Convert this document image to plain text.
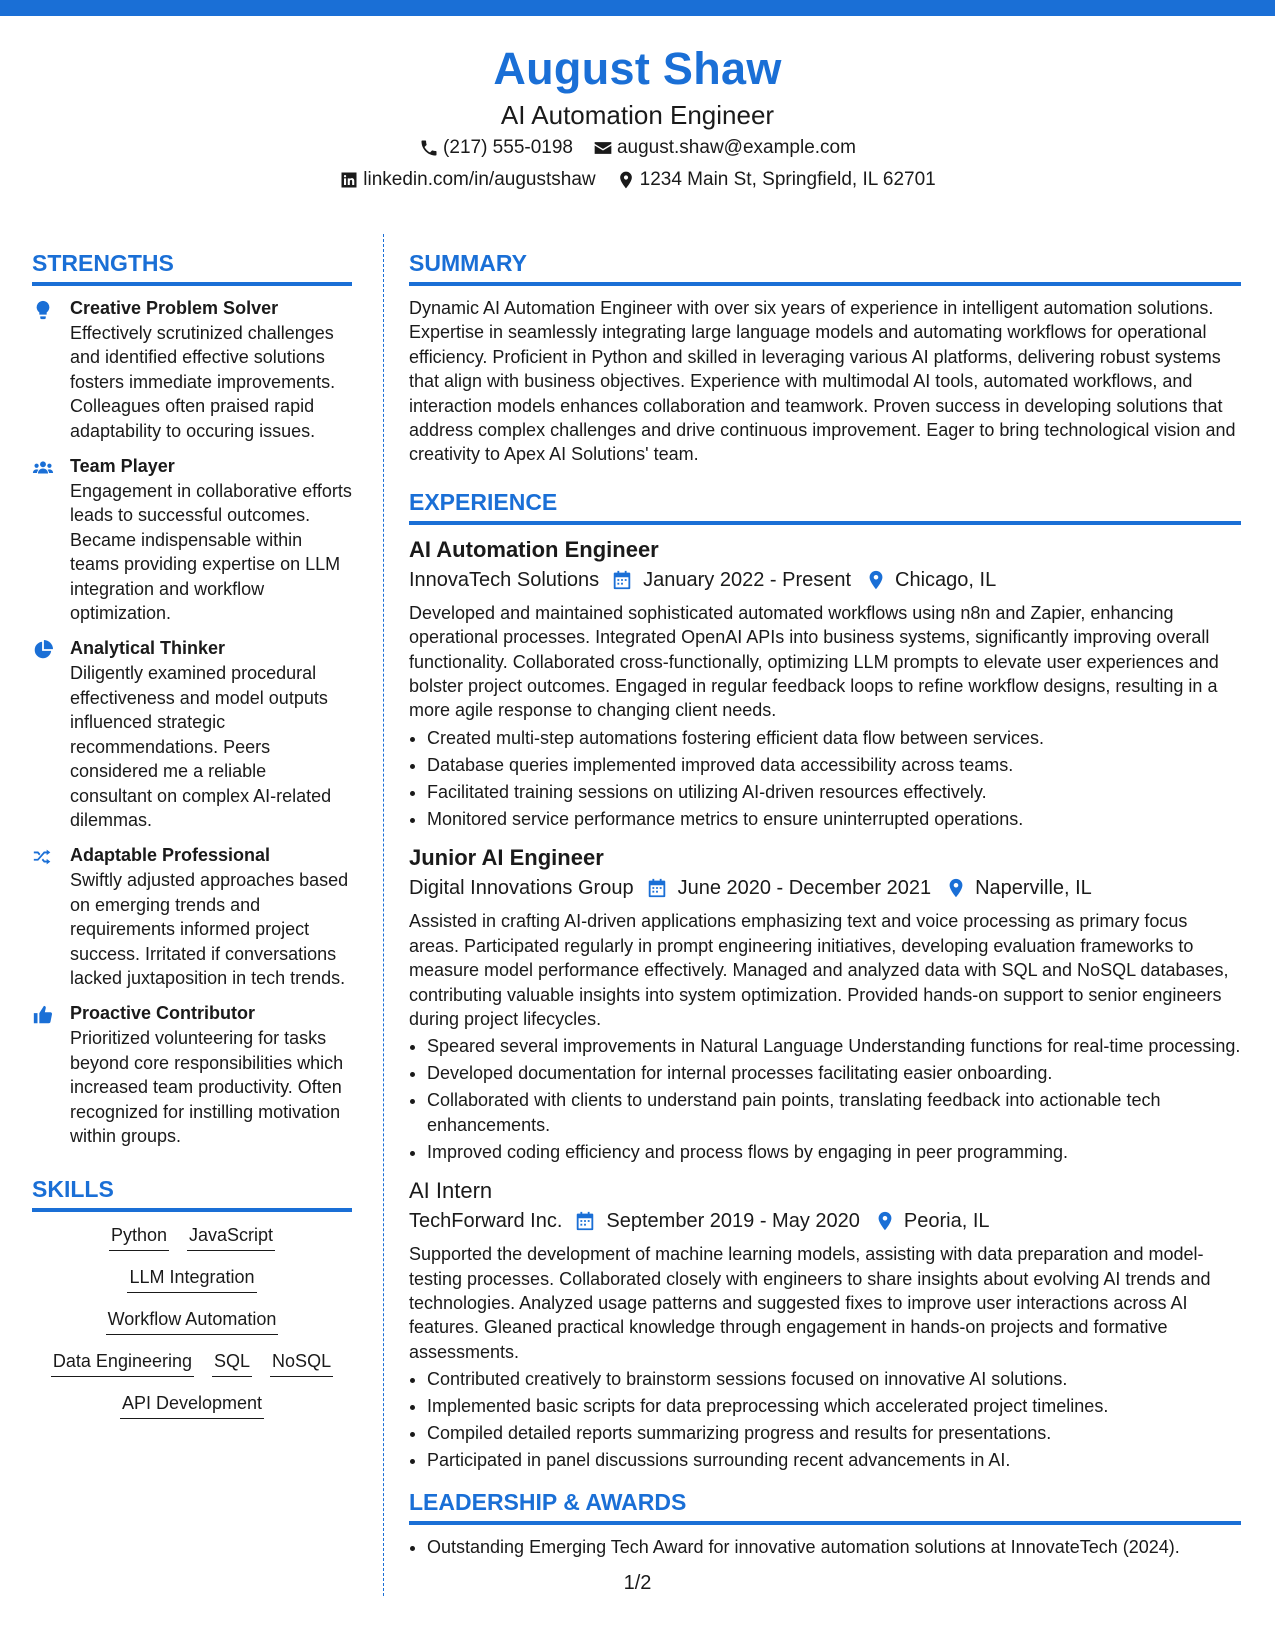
August Shaw
AI Automation Engineer
(217) 555-0198 august.shaw@example.com
linkedin.com/in/augustshaw 1234 Main St, Springfield, IL 62701
STRENGTHS
Creative Problem Solver
Effectively scrutinized challenges and identified effective solutions fosters immediate improvements. Colleagues often praised rapid adaptability to occuring issues.
Team Player
Engagement in collaborative efforts leads to successful outcomes. Became indispensable within teams providing expertise on LLM integration and workflow optimization.
Analytical Thinker
Diligently examined procedural effectiveness and model outputs influenced strategic recommendations. Peers considered me a reliable consultant on complex AI-related dilemmas.
Adaptable Professional
Swiftly adjusted approaches based on emerging trends and requirements informed project success. Irritated if conversations lacked juxtaposition in tech trends.
Proactive Contributor
Prioritized volunteering for tasks beyond core responsibilities which increased team productivity. Often recognized for instilling motivation within groups.
SKILLS
Python JavaScript
LLM Integration
Workflow Automation
Data Engineering SQL NoSQL
API Development
SUMMARY
Dynamic AI Automation Engineer with over six years of experience in intelligent automation solutions. Expertise in seamlessly integrating large language models and automating workflows for operational efficiency. Proficient in Python and skilled in leveraging various AI platforms, delivering robust systems that align with business objectives. Experience with multimodal AI tools, automated workflows, and interaction models enhances collaboration and teamwork. Proven success in developing solutions that address complex challenges and drive continuous improvement. Eager to bring technological vision and creativity to Apex AI Solutions' team.
EXPERIENCE
AI Automation Engineer
InnovaTech Solutions January 2022 - Present Chicago, IL
Developed and maintained sophisticated automated workflows using n8n and Zapier, enhancing operational processes. Integrated OpenAI APIs into business systems, significantly improving overall functionality. Collaborated cross-functionally, optimizing LLM prompts to elevate user experiences and bolster project outcomes. Engaged in regular feedback loops to refine workflow designs, resulting in a more agile response to changing client needs.
• Created multi-step automations fostering efficient data flow between services.
• Database queries implemented improved data accessibility across teams.
• Facilitated training sessions on utilizing AI-driven resources effectively.
• Monitored service performance metrics to ensure uninterrupted operations.
Junior AI Engineer
Digital Innovations Group June 2020 - December 2021 Naperville, IL
Assisted in crafting AI-driven applications emphasizing text and voice processing as primary focus areas. Participated regularly in prompt engineering initiatives, developing evaluation frameworks to measure model performance effectively. Managed and analyzed data with SQL and NoSQL databases, contributing valuable insights into system optimization. Provided hands-on support to senior engineers during project lifecycles.
• Speared several improvements in Natural Language Understanding functions for real-time processing.
• Developed documentation for internal processes facilitating easier onboarding.
• Collaborated with clients to understand pain points, translating feedback into actionable tech enhancements.
• Improved coding efficiency and process flows by engaging in peer programming.
AI Intern
TechForward Inc. September 2019 - May 2020 Peoria, IL
Supported the development of machine learning models, assisting with data preparation and model-testing processes. Collaborated closely with engineers to share insights about evolving AI trends and technologies. Analyzed usage patterns and suggested fixes to improve user interactions across AI features. Gleaned practical knowledge through engagement in hands-on projects and formative assessments.
• Contributed creatively to brainstorm sessions focused on innovative AI solutions.
• Implemented basic scripts for data preprocessing which accelerated project timelines.
• Compiled detailed reports summarizing progress and results for presentations.
• Participated in panel discussions surrounding recent advancements in AI.
LEADERSHIP & AWARDS
• Outstanding Emerging Tech Award for innovative automation solutions at InnovateTech (2024).
1/2
